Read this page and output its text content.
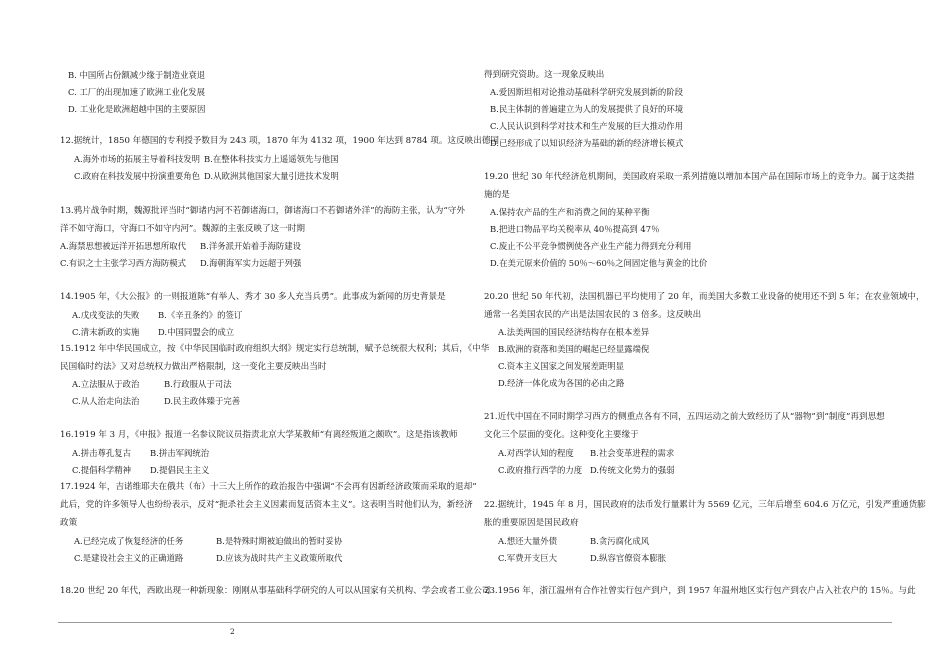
B. 中国所占份额减少缘于制造业衰退
C. 工厂的出现加速了欧洲工业化发展
D. 工业化是欧洲超越中国的主要原因
12.据统计，1850 年德国的专利授予数目为 243 项，1870 年为 4132 项，1900 年达到 8784 项。这反映出德国
A.海外市场的拓展主导着科技发明 B.在整体科技实力上遥遥领先与他国
C.政府在科技发展中扮演重要角色 D.从欧洲其他国家大量引进技术发明
13.鸦片战争时期，魏源批评当时“御诸内河不若御诸海口，御诸海口不若御诸外洋”的海防主张，认为“守外
洋不如守海口，守海口不如守内河”。魏源的主张反映了这一时期
A.海禁思想被远洋开拓思想所取代 B.洋务派开始着手海防建设
C.有识之士主张学习西方海防模式 D.海朝海军实力远超于列强
14.1905 年，《大公报》的一则报道陈“有举人、秀才 30 多人充当兵勇”。此事成为新闻的历史背景是
A.戊戌变法的失败 B.《辛丑条约》的签订
C.清末新政的实施 D.中国同盟会的成立
15.1912 年中华民国成立，按《中华民国临时政府组织大纲》规定实行总统制，赋予总统很大权利；其后，《中华
民国临时约法》又对总统权力做出严格限制，这一变化主要反映出当时
A.立法服从于政治	B.行政服从于司法
C.从人治走向法治	D.民主政体臻于完善
16.1919 年 3 月，《申报》报道一名参议院议员指责北京大学某教师“有离经叛道之颇吹”。这是指该教师
A.拼击尊孔复古 B.拼击军阀统治
C.提倡科学精神 D.提倡民主主义
17.1924 年，吉诺维耶夫在俄共（布）十三大上所作的政治报告中强调“不会再有因新经济政策而采取的退却”
此后，党的许多领导人也纷纷表示，反对“扼杀社会主义因素而复活资本主义”。这表明当时他们认为，新经济
政策
A.已经完成了恢复经济的任务	B.是特殊时期被迫做出的暂时妥协
C.是建设社会主义的正确道路	D.应该为战时共产主义政策所取代
18.20 世纪 20 年代，西欧出现一种新现象：刚刚从事基础科学研究的人可以从国家有关机构、学会或者工业公司
得到研究资助。这一现象反映出
A.爱因斯坦相对论推动基础科学研究发展到新的阶段
B.民主体制的普遍建立为人的发展提供了良好的环境
C.人民认识到科学对技术和生产发展的巨大推动作用
D.已经形成了以知识经济为基础的新的经济增长模式
19.20 世纪 30 年代经济危机期间，美国政府采取一系列措施以增加本国产品在国际市场上的竞争力。属于这类措
施的是
A.保持农产品的生产和消费之间的某种平衡
B.把进口物品平均关税率从 40％提高到 47％
C.废止不公平竞争惯例使各产业生产能力得到充分利用
D.在美元原来价值的 50％～60％之间固定他与黄金的比价
20.20 世纪 50 年代初，法国机器已平均使用了 20 年，而美国大多数工业设备的使用还不到 5 年；在农业领域中，
通常一名美国农民的产出是法国农民的 3 倍多。这反映出
A.法美两国的国民经济结构存在根本差异
B.欧洲的衰落和美国的崛起已经显露端倪
C.资本主义国家之间发展差距明显
D.经济一体化成为各国的必由之路
21.近代中国在不同时期学习西方的侧重点各有不同，五四运动之前大致经历了从“器物”到“制度”再到思想
文化三个层面的变化。这种变化主要缘于
A.对西学认知的程度 B.社会变革进程的需求
C.政府推行西学的力度 D.传统文化势力的强弱
22.据统计，1945 年 8 月，国民政府的法币发行量累计为 5569 亿元，三年后增至 604.6 万亿元，引发严重通货膨
胀的重要原因是国民政府
A.想还大量外债	B.贪污腐化成风
C.军费开支巨大	D.纵容官僚资本膨胀
23.1956 年，浙江温州有合作社曾实行包产到户，到 1957 年温州地区实行包产到农户占入社农户的 15％。与此
2
